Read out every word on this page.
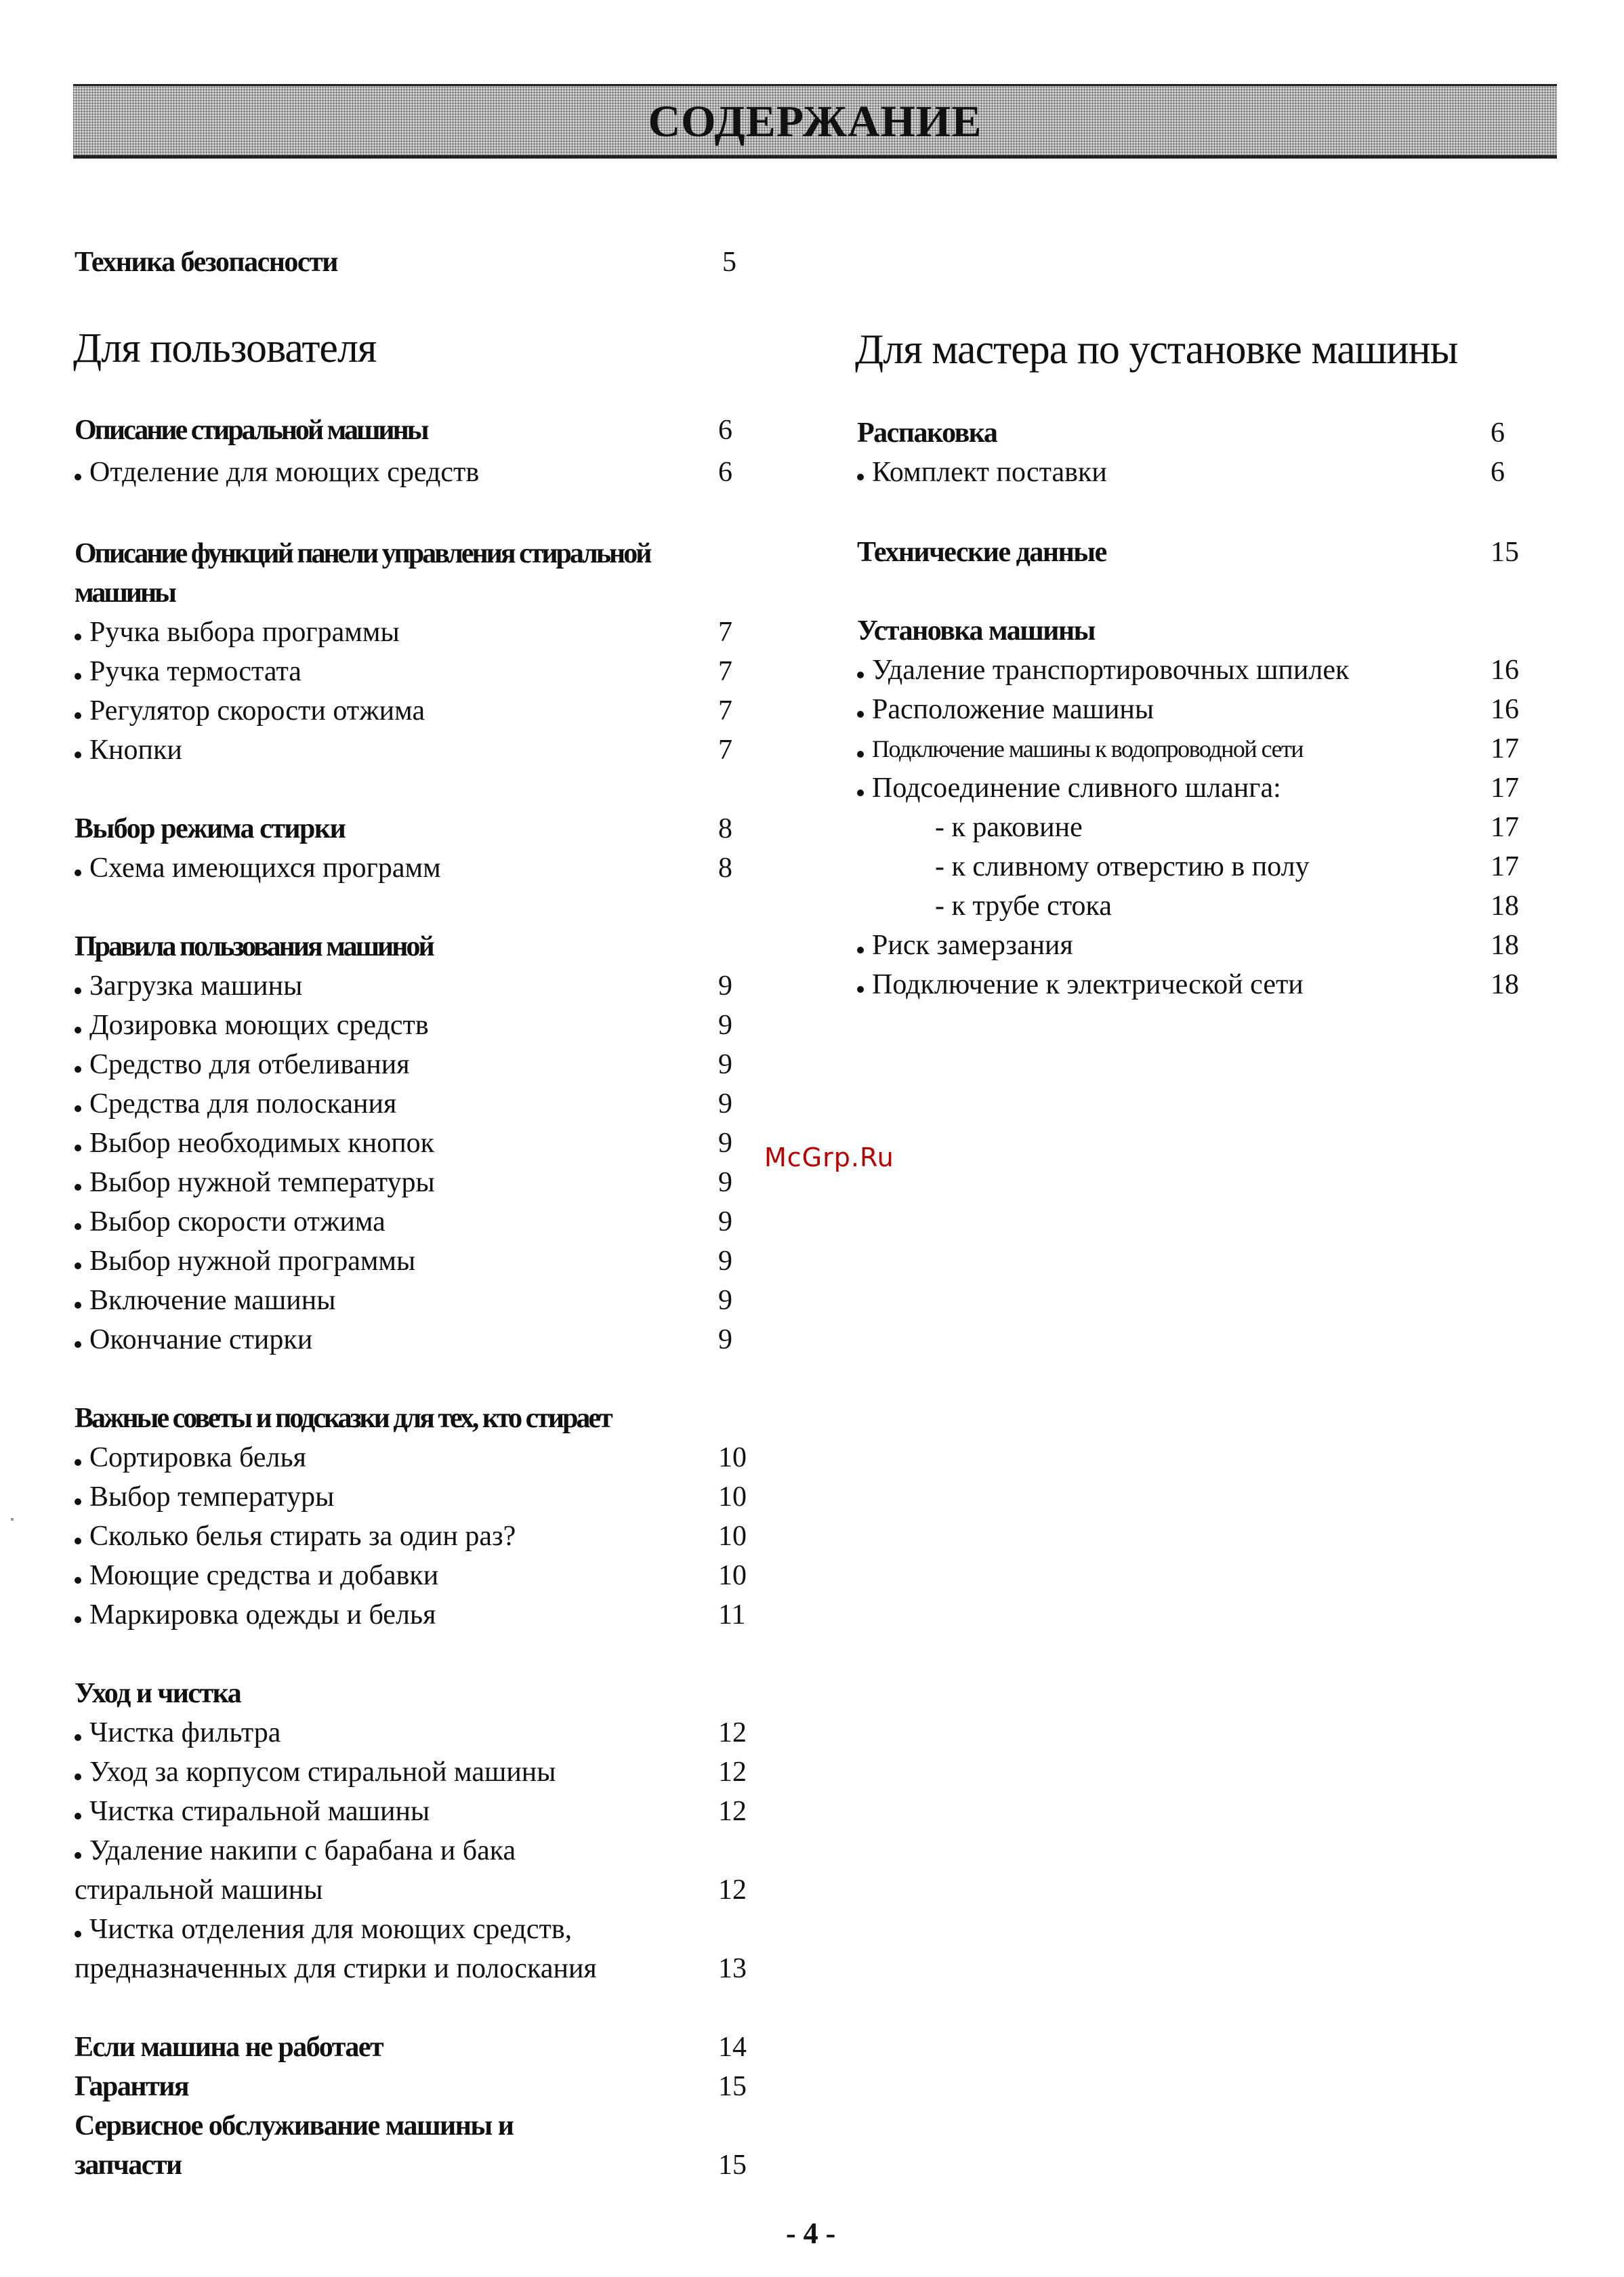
СОДЕРЖАНИЕ
Техника безопасности	5
Для пользователя	Для мастера по установке машины
Описание стиральной машины	6
Отделение для моющих средств	6
Описание функций панели управления стиральной
машины
Ручка выбора программы	7
Ручка термостата	7
Регулятор скорости отжима	7
Кнопки	7
Выбор режима стирки	8
Схема имеющихся программ	8
Правила пользования машиной
Загрузка машины	9
Дозировка моющих средств	9
Средство для отбеливания	9
Средства для полоскания	9
Выбор необходимых кнопок	9
Выбор нужной температуры	9
Выбор скорости отжима	9
Выбор нужной программы	9
Включение машины	9
Окончание стирки	9
Важные советы и подсказки для тех, кто стирает
Сортировка белья	10
Выбор температуры	10
Сколько белья стирать за один раз?	10
Моющие средства и добавки	10
Маркировка одежды и белья	11
Уход и чистка
Чистка фильтра	12
Уход за корпусом стиральной машины	12
Чистка стиральной машины	12
Удаление накипи с барабана и бака
стиральной машины	12
Чистка отделения для моющих средств,
предназначенных для стирки и полоскания	13
Если машина не работает	14
Гарантия	15
Сервисное обслуживание машины и
запчасти	15
Распаковка	6
Комплект поставки	6
Технические данные	15
Установка машины
Удаление транспортировочных шпилек	16
Расположение машины	16
Подключение машины к водопроводной сети	17
Подсоединение сливного шланга:	17
- к раковине	17
- к сливному отверстию в полу	17
- к трубе стока	18
Риск замерзания	18
Подключение к электрической сети	18
McGrp.Ru
- 4 -
